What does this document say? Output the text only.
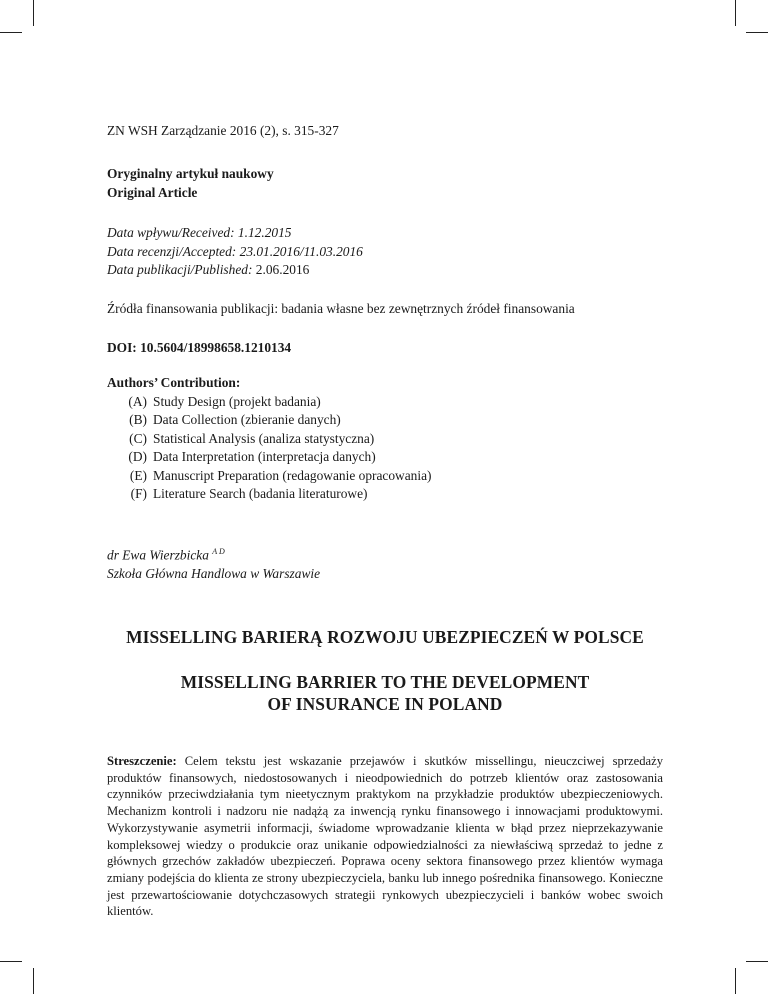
ZN WSH Zarządzanie 2016 (2), s. 315-327
Oryginalny artykuł naukowy
Original Article
Data wpływu/Received: 1.12.2015
Data recenzji/Accepted: 23.01.2016/11.03.2016
Data publikacji/Published: 2.06.2016
Źródła finansowania publikacji: badania własne bez zewnętrznych źródeł finansowania
DOI: 10.5604/18998658.1210134
Authors’ Contribution:
(A) Study Design (projekt badania)
(B) Data Collection (zbieranie danych)
(C) Statistical Analysis (analiza statystyczna)
(D) Data Interpretation (interpretacja danych)
(E) Manuscript Preparation (redagowanie opracowania)
(F) Literature Search (badania literaturowe)
dr Ewa Wierzbicka $^{A D}$
Szkoła Główna Handlowa w Warszawie
MISSELLING BARIERĄ ROZWOJU UBEZPIECZEŃ W POLSCE
MISSELLING BARRIER TO THE DEVELOPMENT
OF INSURANCE IN POLAND
Streszczenie: Celem tekstu jest wskazanie przejawów i skutków missellingu, nieuczciwej sprzedaży produktów finansowych, niedostosowanych i nieodpowiednich do potrzeb klientów oraz zastosowania czynników przeciwdziałania tym nieetycznym praktykom na przykładzie produktów ubezpieczeniowych. Mechanizm kontroli i nadzoru nie nadążą za inwencją rynku finansowego i innowacjami produktowymi. Wykorzystywanie asymetrii informacji, świadome wprowadzanie klienta w błąd przez nieprzekazywanie kompleksowej wiedzy o produkcie oraz unikanie odpowiedzialności za niewłaściwą sprzedaż to jedne z głównych grzechów zakładów ubezpieczeń. Poprawa oceny sektora finansowego przez klientów wymaga zmiany podejścia do klienta ze strony ubezpieczyciela, banku lub innego pośrednika finansowego. Konieczne jest przewartościowanie dotychczasowych strategii rynkowych ubezpieczycieli i banków wobec swoich klientów.
